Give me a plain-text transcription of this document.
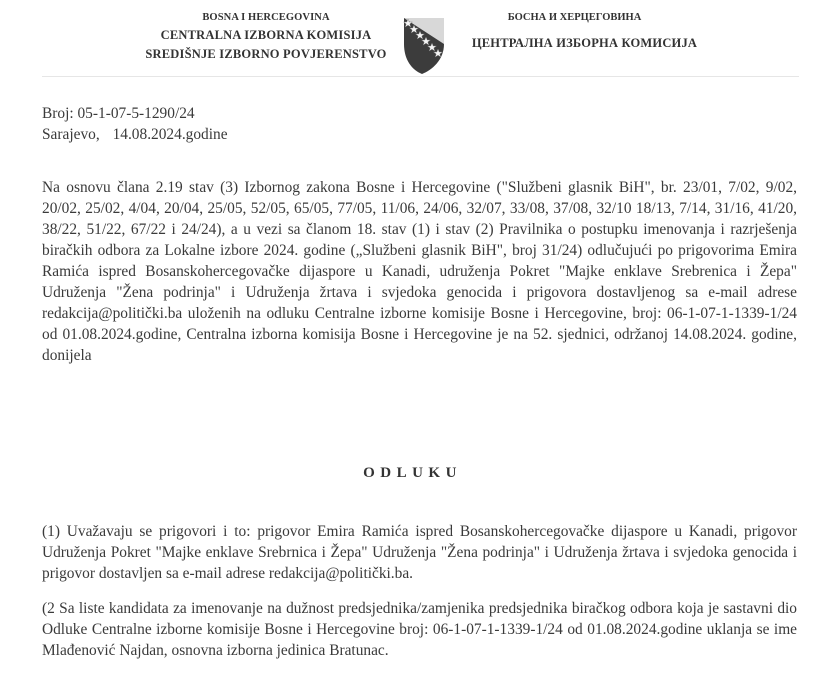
BOSNA I HERCEGOVINA
CENTRALNA IZBORNA KOMISIJA
SREDIŠNJE IZBORNO POVJERENSTVO
БОСНА И ХЕРЦЕГОВИНА
ЦЕНТРАЛНА ИЗБОРНА КОМИСИЈА
Broj: 05-1-07-5-1290/24
Sarajevo, 14.08.2024.godine
Na osnovu člana 2.19 stav (3) Izbornog zakona Bosne i Hercegovine ("Službeni glasnik BiH", br. 23/01, 7/02, 9/02, 20/02, 25/02, 4/04, 20/04, 25/05, 52/05, 65/05, 77/05, 11/06, 24/06, 32/07, 33/08, 37/08, 32/10 18/13, 7/14, 31/16, 41/20, 38/22, 51/22, 67/22 i 24/24), a u vezi sa članom 18. stav (1) i stav (2) Pravilnika o postupku imenovanja i razrješenja biračkih odbora za Lokalne izbore 2024. godine („Službeni glasnik BiH", broj 31/24) odlučujući po prigovorima Emira Ramića ispred Bosanskohercegovačke dijaspore u Kanadi, udruženja Pokret "Majke enklave Srebrenica i Žepa" Udruženja "Žena podrinja" i Udruženja žrtava i svjedoka genocida i prigovora dostavljenog sa e-mail adrese redakcija@politički.ba uloženih na odluku Centralne izborne komisije Bosne i Hercegovine, broj: 06-1-07-1-1339-1/24 od 01.08.2024.godine, Centralna izborna komisija Bosne i Hercegovine je na 52. sjednici, održanoj 14.08.2024. godine, donijela
ODLUKU
(1) Uvažavaju se prigovori i to: prigovor Emira Ramića ispred Bosanskohercegovačke dijaspore u Kanadi, prigovor Udruženja Pokret "Majke enklave Srebrnica i Žepa" Udruženja "Žena podrinja" i Udruženja žrtava i svjedoka genocida i prigovor dostavljen sa e-mail adrese redakcija@politički.ba.
(2 Sa liste kandidata za imenovanje na dužnost predsjednika/zamjenika predsjednika biračkog odbora koja je sastavni dio Odluke Centralne izborne komisije Bosne i Hercegovine broj: 06-1-07-1-1339-1/24 od 01.08.2024.godine uklanja se ime Mlađenović Najdan, osnovna izborna jedinica Bratunac.
